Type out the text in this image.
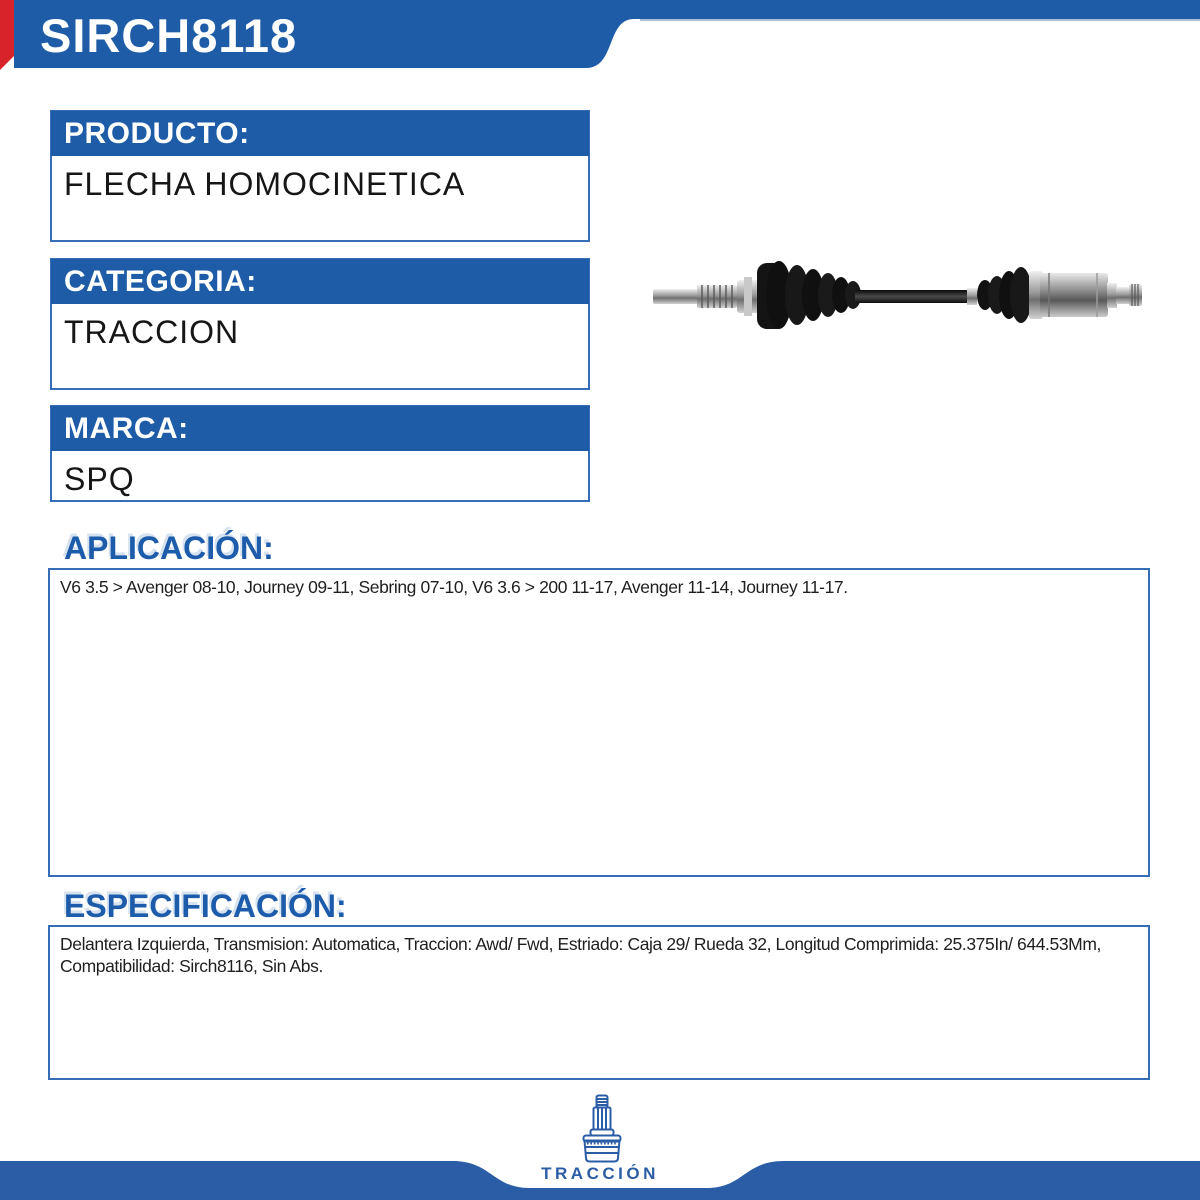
SIRCH8118
PRODUCTO:
FLECHA HOMOCINETICA
CATEGORIA:
TRACCION
MARCA:
SPQ
APLICACIÓN:
V6 3.5 > Avenger 08-10, Journey 09-11, Sebring 07-10, V6 3.6 > 200 11-17, Avenger 11-14, Journey 11-17.
ESPECIFICACIÓN:
Delantera Izquierda, Transmision: Automatica, Traccion: Awd/ Fwd, Estriado: Caja 29/ Rueda 32, Longitud Comprimida: 25.375In/ 644.53Mm, Compatibilidad: Sirch8116, Sin Abs.
TRACCIÓN
